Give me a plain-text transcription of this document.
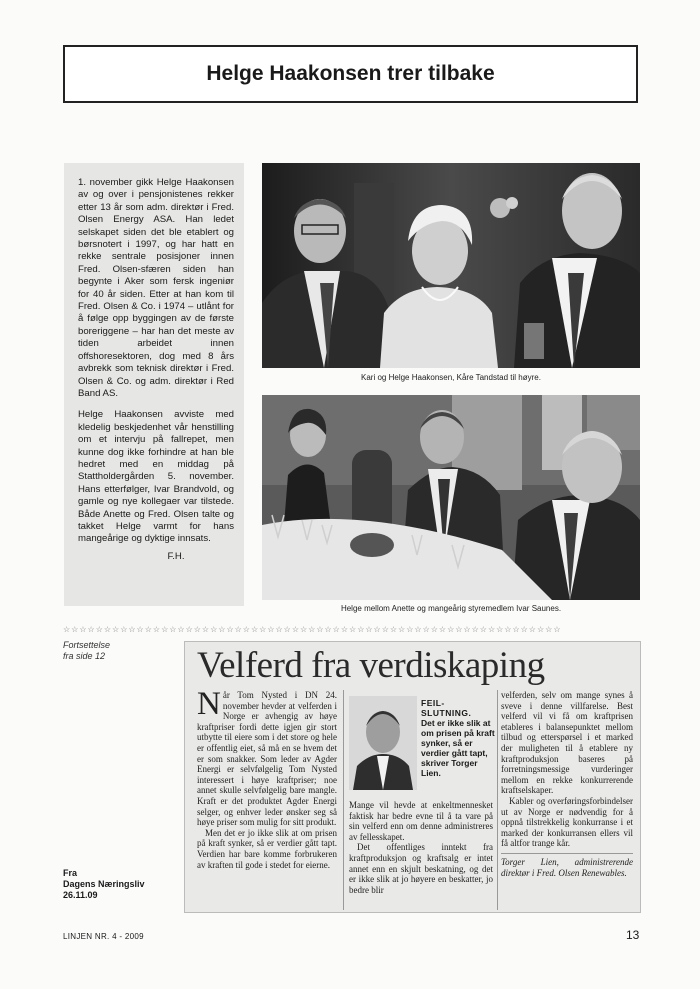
Helge Haakonsen trer tilbake

1. november gikk Helge Haakonsen av og over i pensjonistenes rekker etter 13 år som adm. direktør i Fred. Olsen Energy ASA. Han ledet selskapet siden det ble etablert og børsnotert i 1997, og har hatt en rekke sentrale posisjoner innen Fred. Olsen-sfæren siden han begynte i Aker som fersk ingeniør for 40 år siden. Etter at han kom til Fred. Olsen & Co. i 1974 – utlånt for å følge opp byggingen av de første boreriggene – har han det meste av tiden arbeidet innen offshoresektoren, dog med 8 års avbrekk som teknisk direktør i Fred. Olsen & Co. og adm. direktør i Red Band AS.

Helge Haakonsen avviste med kledelig beskjedenhet vår henstilling om et intervju på fallrepet, men kunne dog ikke forhindre at han ble hedret med en middag på Stattholdergården 5. november. Hans etterfølger, Ivar Brandvold, og gamle og nye kollegaer var tilstede. Både Anette og Fred. Olsen talte og takket Helge varmt for hans mangeårige og dyktige innsats.

F.H.

Kari og Helge Haakonsen, Kåre Tandstad til høyre.
Helge mellom Anette og mangeårig styremedlem Ivar Saunes.
☆☆☆☆☆☆☆☆☆☆☆☆☆☆☆☆☆☆☆☆☆☆☆☆☆☆☆☆☆☆☆☆☆☆☆☆☆☆☆☆☆☆☆☆☆☆☆☆☆☆☆☆☆☆☆☆☆☆☆☆☆
Fortsettelse
fra side 12
Fra
Dagens Næringsliv
26.11.09
Velferd fra verdiskaping

Når Tom Nysted i DN 24. november hevder at velferden i Norge er avhengig av høye kraftpriser fordi dette igjen gir stort utbytte til eiere som i det store og hele er offentlig eiet, så må en se hvem det er som snakker. Som leder av Agder Energi er selvfølgelig Tom Nysted interessert i høye kraftpriser; noe annet skulle selvfølgelig bare mangle. Kraft er det produktet Agder Energi selger, og enhver leder ønsker seg så høye priser som mulig for sitt produkt.

Men det er jo ikke slik at om prisen på kraft synker, så er verdier gått tapt. Verdien har bare komme forbrukeren av kraften til gode i stedet for eierne.

FEIL-SLUTNING.
Det er ikke slik at om prisen på kraft synker, så er verdier gått tapt, skriver Torger Lien.

Mange vil hevde at enkeltmennesket faktisk har bedre evne til å ta vare på sin velferd enn om denne administreres av fellesskapet.

Det offentliges inntekt fra kraftproduksjon og kraftsalg er intet annet enn en skjult beskatning, og det er ikke slik at jo høyere en beskatter, jo bedre blir

velferden, selv om mange synes å sveve i denne villfarelse. Best velferd vil vi få om kraftprisen etableres i balansepunktet mellom tilbud og etterspørsel i et marked der muligheten til å etablere ny kraftproduksjon baseres på forretningsmessige vurderinger mellom en rekke konkurrerende kraftselskaper.

Kabler og overføringsforbindelser ut av Norge er nødvendig for å oppnå tilstrekkelig konkurranse i et marked der konkurransen ellers vil få altfor trange kår.

Torger Lien, administrerende direktør i Fred. Olsen Renewables.

LINJEN NR. 4 - 2009	13
